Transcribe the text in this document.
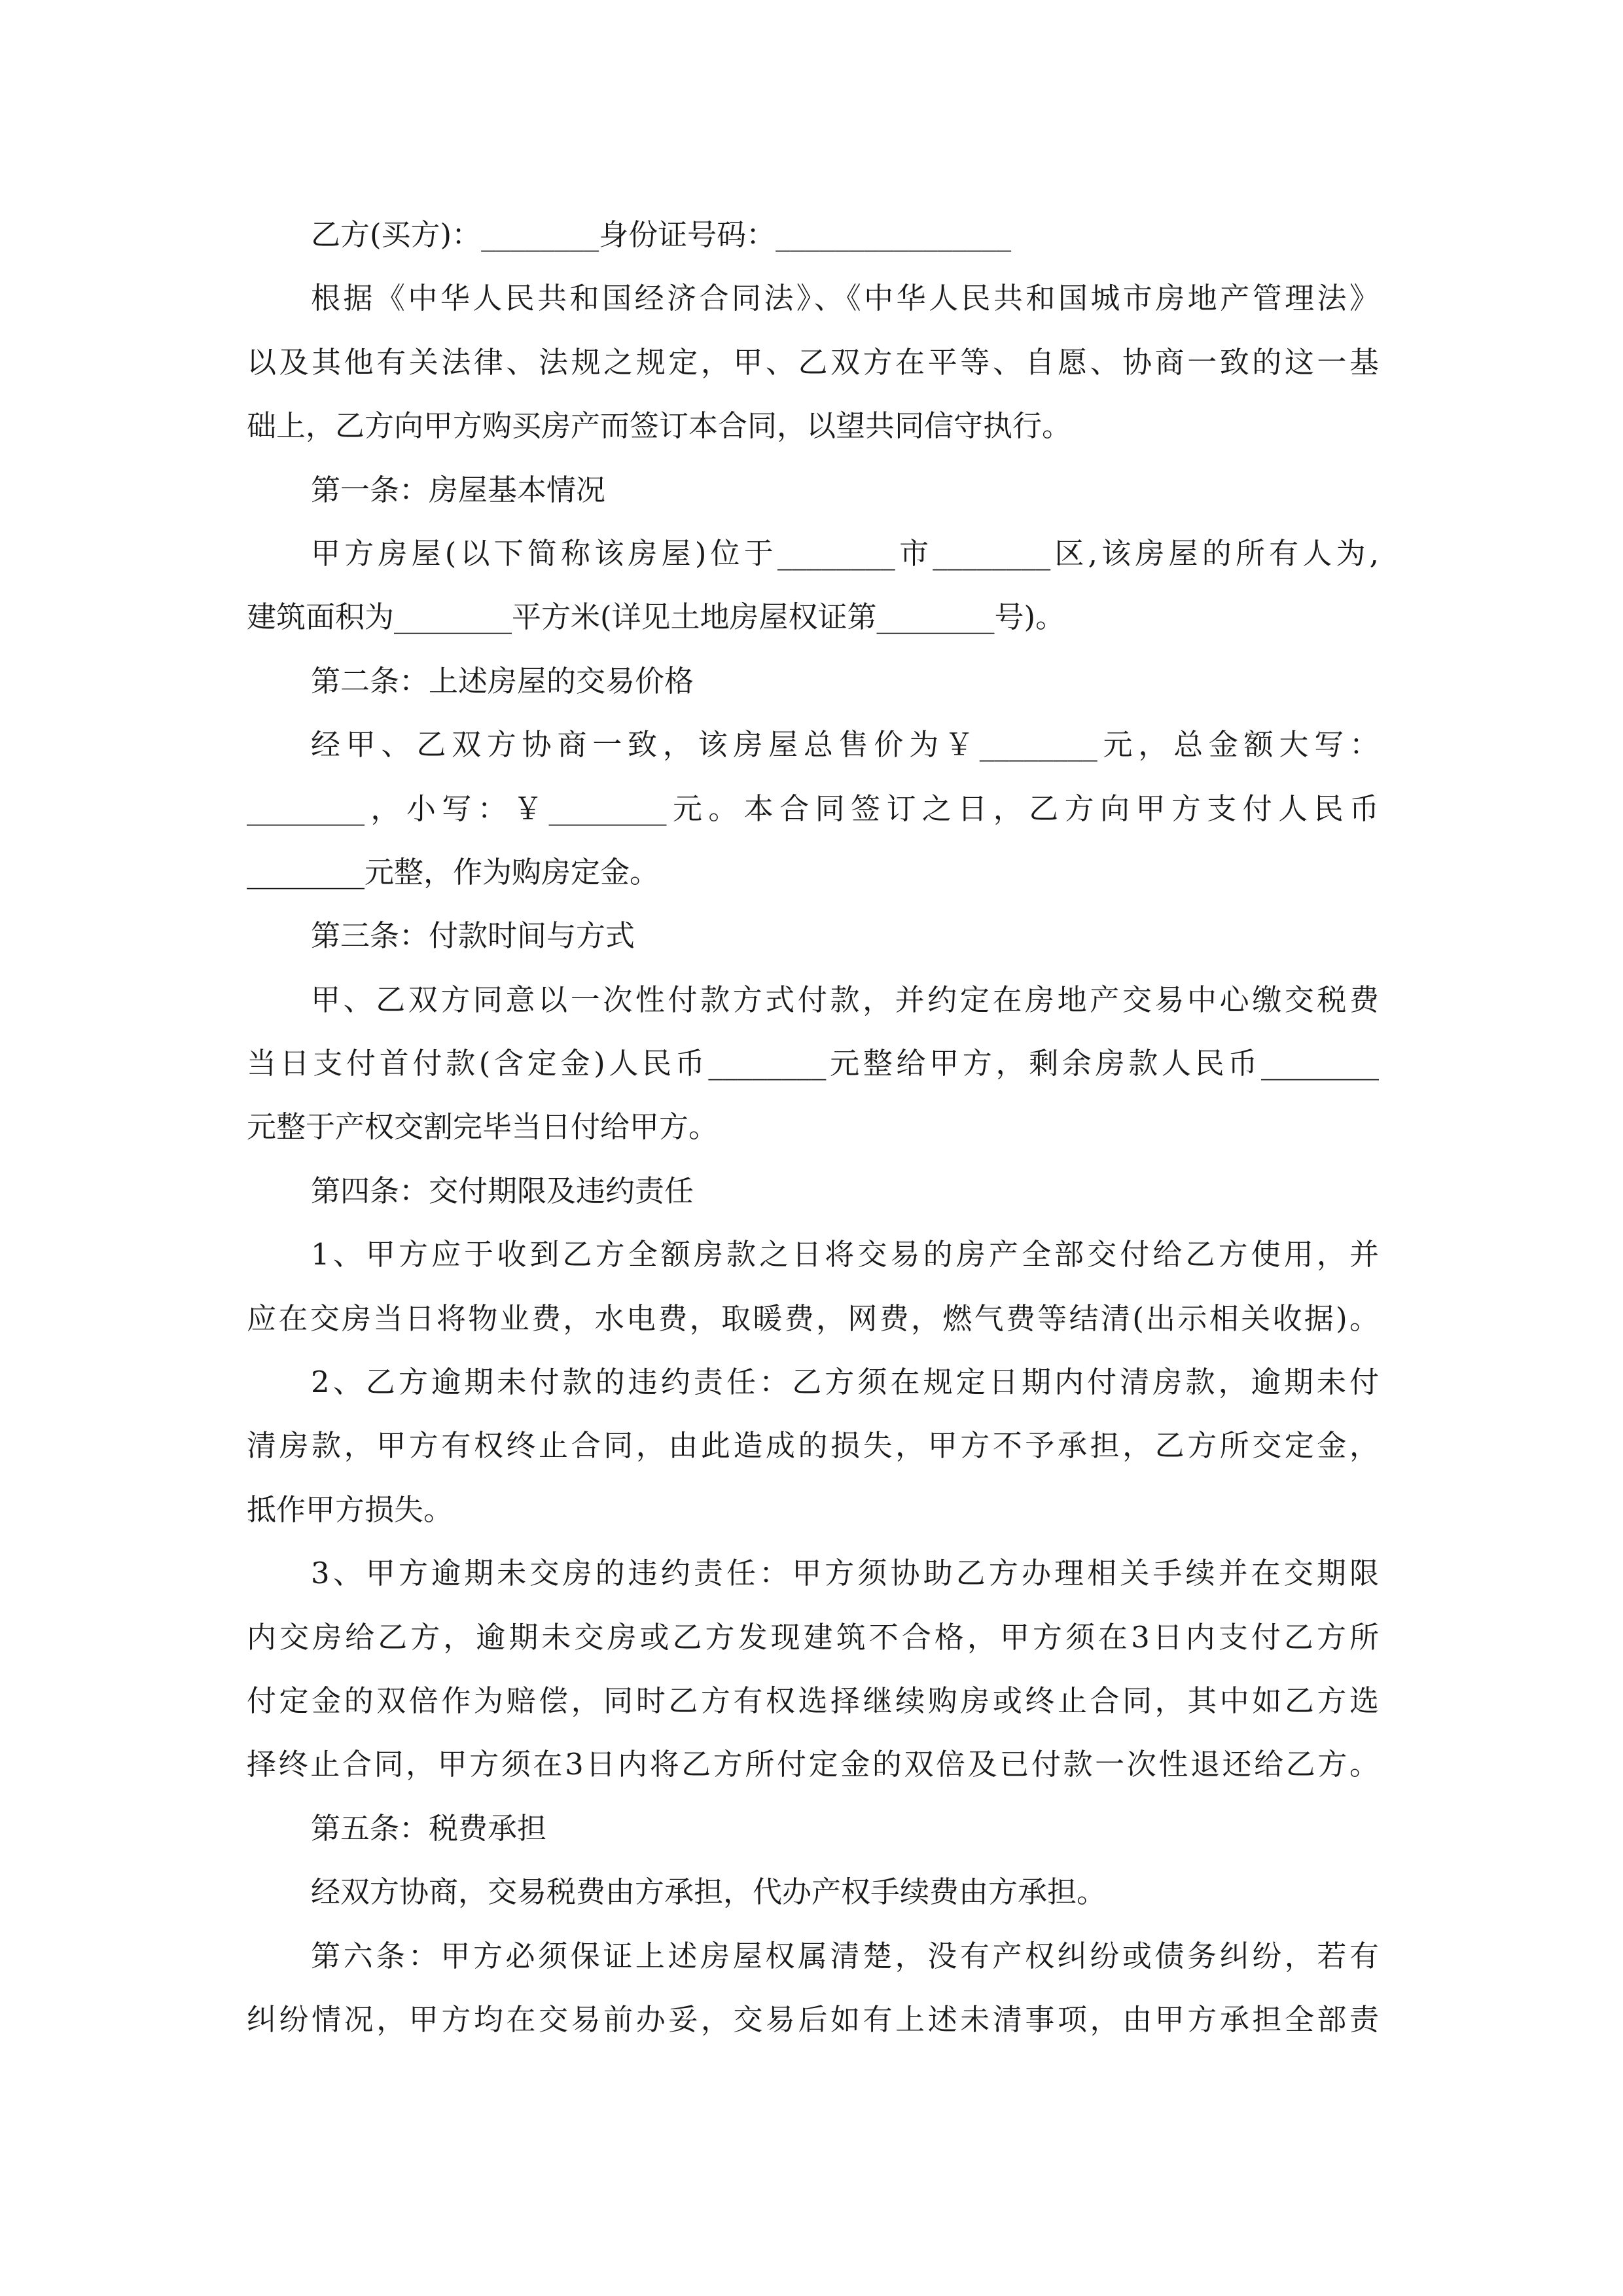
乙方(买方)：________身份证号码：________________
根据《中华人民共和国经济合同法》、《中华人民共和国城市房地产管理法》
以及其他有关法律、法规之规定，甲、乙双方在平等、自愿、协商一致的这一基
础上，乙方向甲方购买房产而签订本合同，以望共同信守执行。
第一条：房屋基本情况
甲方房屋(以下简称该房屋)位于________市________区,该房屋的所有人为,
建筑面积为________平方米(详见土地房屋权证第________号)。
第二条：上述房屋的交易价格
经甲、乙双方协商一致，该房屋总售价为￥________元，总金额大写：
________，小写：￥________元。本合同签订之日，乙方向甲方支付人民币
________元整，作为购房定金。
第三条：付款时间与方式
甲、乙双方同意以一次性付款方式付款，并约定在房地产交易中心缴交税费
当日支付首付款(含定金)人民币________元整给甲方，剩余房款人民币________
元整于产权交割完毕当日付给甲方。
第四条：交付期限及违约责任
1、甲方应于收到乙方全额房款之日将交易的房产全部交付给乙方使用，并
应在交房当日将物业费，水电费，取暖费，网费，燃气费等结清(出示相关收据)。
2、乙方逾期未付款的违约责任：乙方须在规定日期内付清房款，逾期未付
清房款，甲方有权终止合同，由此造成的损失，甲方不予承担，乙方所交定金，
抵作甲方损失。
3、甲方逾期未交房的违约责任：甲方须协助乙方办理相关手续并在交期限
内交房给乙方，逾期未交房或乙方发现建筑不合格，甲方须在3日内支付乙方所
付定金的双倍作为赔偿，同时乙方有权选择继续购房或终止合同，其中如乙方选
择终止合同，甲方须在3日内将乙方所付定金的双倍及已付款一次性退还给乙方。
第五条：税费承担
经双方协商，交易税费由方承担，代办产权手续费由方承担。
第六条：甲方必须保证上述房屋权属清楚，没有产权纠纷或债务纠纷，若有
纠纷情况，甲方均在交易前办妥，交易后如有上述未清事项，由甲方承担全部责
